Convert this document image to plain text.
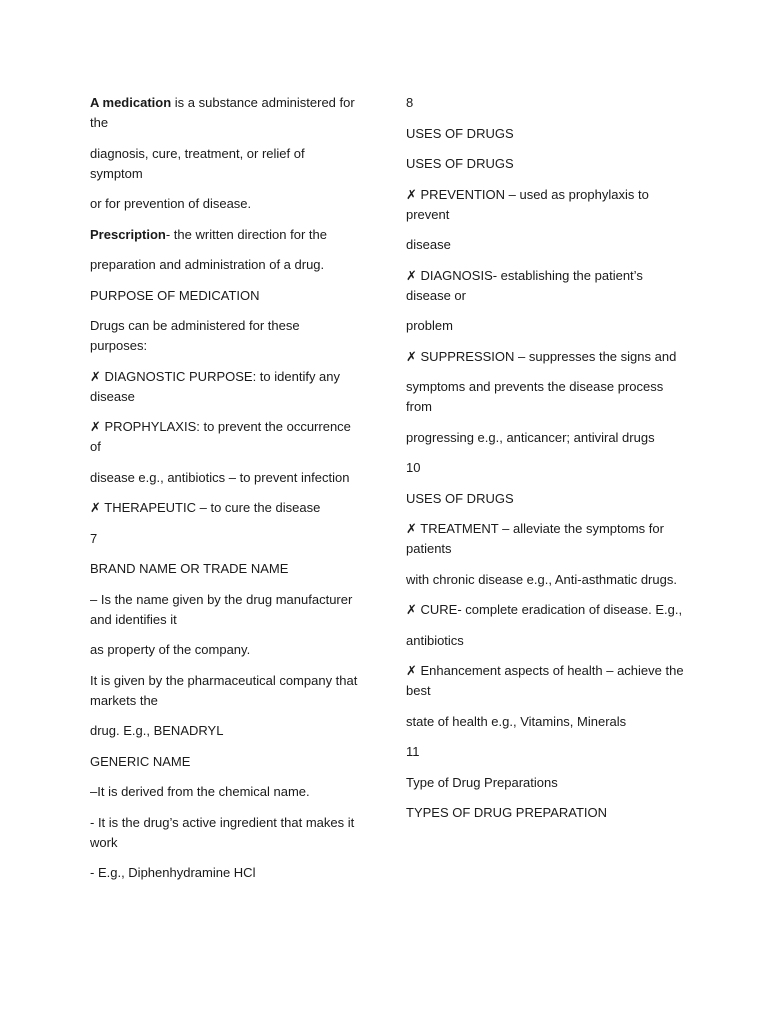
A medication is a substance administered for the

diagnosis, cure, treatment, or relief of symptom

or for prevention of disease.

Prescription- the written direction for the

preparation and administration of a drug.

PURPOSE OF MEDICATION

Drugs can be administered for these purposes:

✗ DIAGNOSTIC PURPOSE: to identify any disease

✗ PROPHYLAXIS: to prevent the occurrence of

disease e.g., antibiotics – to prevent infection

✗ THERAPEUTIC – to cure the disease

7

BRAND NAME OR TRADE NAME

– Is the name given by the drug manufacturer and identifies it

as property of the company.

It is given by the pharmaceutical company that markets the

drug. E.g., BENADRYL

GENERIC NAME

–It is derived from the chemical name.

- It is the drug’s active ingredient that makes it work

- E.g., Diphenhydramine HCl

8

USES OF DRUGS

USES OF DRUGS

✗ PREVENTION – used as prophylaxis to prevent

disease

✗ DIAGNOSIS- establishing the patient’s disease or

problem

✗ SUPPRESSION – suppresses the signs and

symptoms and prevents the disease process from

progressing e.g., anticancer; antiviral drugs

10

USES OF DRUGS

✗ TREATMENT – alleviate the symptoms for patients

with chronic disease e.g., Anti-asthmatic drugs.

✗ CURE- complete eradication of disease. E.g.,

antibiotics

✗ Enhancement aspects of health – achieve the best

state of health e.g., Vitamins, Minerals

11

Type of Drug Preparations

TYPES OF DRUG PREPARATION
